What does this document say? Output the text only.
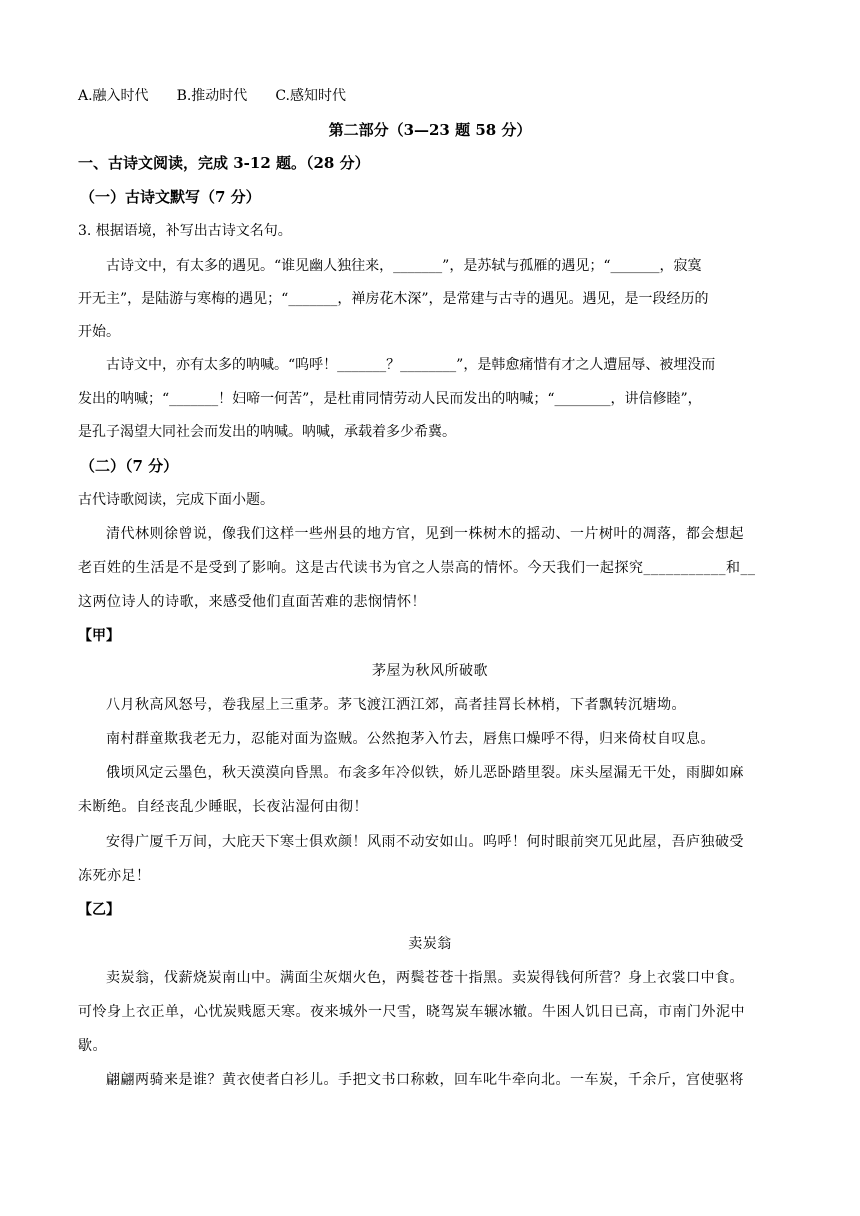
A.融入时代 B.推动时代 C.感知时代
第二部分（3—23 题 58 分）
一、古诗文阅读，完成 3-12 题。（28 分）
（一）古诗文默写（7 分）
3. 根据语境，补写出古诗文名句。
古诗文中，有太多的遇见。“谁见幽人独往来，_______”，是苏轼与孤雁的遇见；“_______，寂寞
开无主”，是陆游与寒梅的遇见；“_______，禅房花木深”，是常建与古寺的遇见。遇见，是一段经历的
开始。
古诗文中，亦有太多的呐喊。“呜呼！_______？________”，是韩愈痛惜有才之人遭屈辱、被埋没而
发出的呐喊；“_______！妇啼一何苦”，是杜甫同情劳动人民而发出的呐喊；“________，讲信修睦”，
是孔子渴望大同社会而发出的呐喊。呐喊，承载着多少希冀。
（二）（7 分）
古代诗歌阅读，完成下面小题。
清代林则徐曾说，像我们这样一些州县的地方官，见到一株树木的摇动、一片树叶的凋落，都会想起
老百姓的生活是不是受到了影响。这是古代读书为官之人崇高的情怀。今天我们一起探究___________和__
这两位诗人的诗歌，来感受他们直面苦难的悲悯情怀！
【甲】
茅屋为秋风所破歌
八月秋高风怒号，卷我屋上三重茅。茅飞渡江洒江郊，高者挂罥长林梢，下者飘转沉塘坳。
南村群童欺我老无力，忍能对面为盗贼。公然抱茅入竹去，唇焦口燥呼不得，归来倚杖自叹息。
俄顷风定云墨色，秋天漠漠向昏黑。布衾多年冷似铁，娇儿恶卧踏里裂。床头屋漏无干处，雨脚如麻
未断绝。自经丧乱少睡眠，长夜沾湿何由彻！
安得广厦千万间，大庇天下寒士俱欢颜！风雨不动安如山。呜呼！何时眼前突兀见此屋，吾庐独破受
冻死亦足！
【乙】
卖炭翁
卖炭翁，伐薪烧炭南山中。满面尘灰烟火色，两鬓苍苍十指黑。卖炭得钱何所营？身上衣裳口中食。
可怜身上衣正单，心忧炭贱愿天寒。夜来城外一尺雪，晓驾炭车辗冰辙。牛困人饥日已高，市南门外泥中
歇。
翩翩两骑来是谁？黄衣使者白衫儿。手把文书口称敕，回车叱牛牵向北。一车炭，千余斤，宫使驱将
